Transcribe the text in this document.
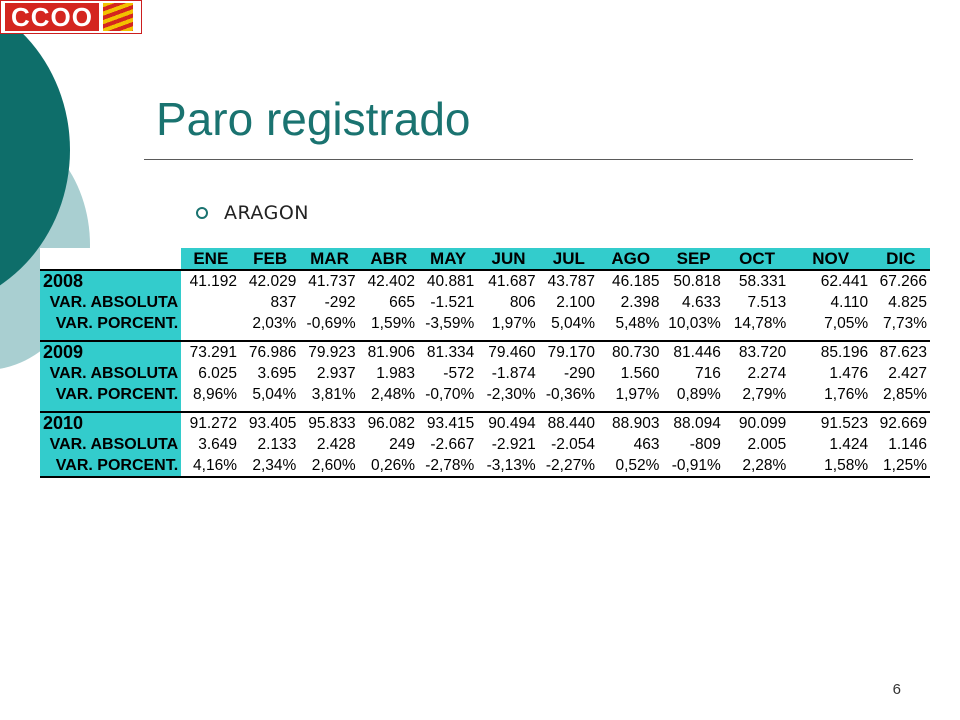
CCOO
Paro registrado
ARAGON
	ENE	FEB	MAR	ABR	MAY	JUN	JUL	AGO	SEP	OCT	NOV	DIC
2008	41.192	42.029	41.737	42.402	40.881	41.687	43.787	46.185	50.818	58.331	62.441	67.266
VAR. ABSOLUTA		837	-292	665	-1.521	806	2.100	2.398	4.633	7.513	4.110	4.825
VAR. PORCENT.		2,03%	-0,69%	1,59%	-3,59%	1,97%	5,04%	5,48%	10,03%	14,78%	7,05%	7,73%

2009	73.291	76.986	79.923	81.906	81.334	79.460	79.170	80.730	81.446	83.720	85.196	87.623
VAR. ABSOLUTA	6.025	3.695	2.937	1.983	-572	-1.874	-290	1.560	716	2.274	1.476	2.427
VAR. PORCENT.	8,96%	5,04%	3,81%	2,48%	-0,70%	-2,30%	-0,36%	1,97%	0,89%	2,79%	1,76%	2,85%

2010	91.272	93.405	95.833	96.082	93.415	90.494	88.440	88.903	88.094	90.099	91.523	92.669
VAR. ABSOLUTA	3.649	2.133	2.428	249	-2.667	-2.921	-2.054	463	-809	2.005	1.424	1.146
VAR. PORCENT.	4,16%	2,34%	2,60%	0,26%	-2,78%	-3,13%	-2,27%	0,52%	-0,91%	2,28%	1,58%	1,25%
6
